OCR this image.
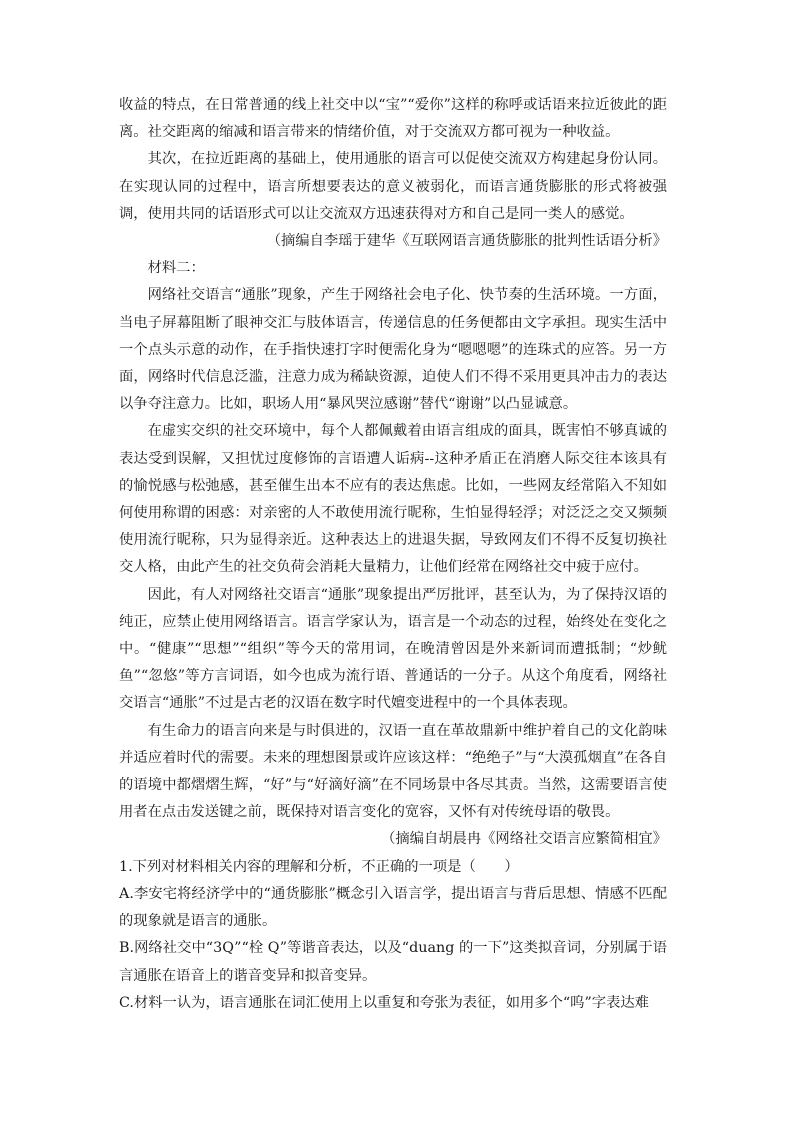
收益的特点，在日常普通的线上社交中以“宝”“爱你”这样的称呼或话语来拉近彼此的距离。社交距离的缩减和语言带来的情绪价值，对于交流双方都可视为一种收益。

其次，在拉近距离的基础上，使用通胀的语言可以促使交流双方构建起身份认同。在实现认同的过程中，语言所想要表达的意义被弱化，而语言通货膨胀的形式将被强调，使用共同的话语形式可以让交流双方迅速获得对方和自己是同一类人的感觉。

（摘编自李瑶于建华《互联网语言通货膨胀的批判性话语分析》

材料二：

网络社交语言“通胀”现象，产生于网络社会电子化、快节奏的生活环境。一方面，当电子屏幕阻断了眼神交汇与肢体语言，传递信息的任务便都由文字承担。现实生活中一个点头示意的动作，在手指快速打字时便需化身为“嗯嗯嗯”的连珠式的应答。另一方面，网络时代信息泛滥，注意力成为稀缺资源，迫使人们不得不采用更具冲击力的表达以争夺注意力。比如，职场人用“暴风哭泣感谢”替代“谢谢”以凸显诚意。

在虚实交织的社交环境中，每个人都佩戴着由语言组成的面具，既害怕不够真诚的表达受到误解，又担忧过度修饰的言语遭人诟病--这种矛盾正在消磨人际交往本该具有的愉悦感与松弛感，甚至催生出本不应有的表达焦虑。比如，一些网友经常陷入不知如何使用称谓的困惑：对亲密的人不敢使用流行昵称，生怕显得轻浮；对泛泛之交又频频使用流行昵称，只为显得亲近。这种表达上的进退失据，导致网友们不得不反复切换社交人格，由此产生的社交负荷会消耗大量精力，让他们经常在网络社交中疲于应付。

因此，有人对网络社交语言“通胀”现象提出严厉批评，甚至认为，为了保持汉语的纯正，应禁止使用网络语言。语言学家认为，语言是一个动态的过程，始终处在变化之中。“健康”“思想”“组织”等今天的常用词，在晚清曾因是外来新词而遭抵制；“炒鱿鱼”“忽悠”等方言词语，如今也成为流行语、普通话的一分子。从这个角度看，网络社交语言“通胀”不过是古老的汉语在数字时代嬗变进程中的一个具体表现。

有生命力的语言向来是与时俱进的，汉语一直在革故鼎新中维护着自己的文化韵味并适应着时代的需要。未来的理想图景或许应该这样：“绝绝子”与“大漠孤烟直”在各自的语境中都熠熠生辉，“好”与“好滴好滴”在不同场景中各尽其责。当然，这需要语言使用者在点击发送键之前，既保持对语言变化的宽容，又怀有对传统母语的敬畏。

（摘编自胡晨冉《网络社交语言应繁简相宜》

1.下列对材料相关内容的理解和分析，不正确的一项是（　　）

A.李安宅将经济学中的“通货膨胀”概念引入语言学，提出语言与背后思想、情感不匹配的现象就是语言的通胀。

B.网络社交中“3Q”“栓 Q”等谐音表达，以及“duang 的一下”这类拟音词，分别属于语言通胀在语音上的谐音变异和拟音变异。

C.材料一认为，语言通胀在词汇使用上以重复和夸张为表征，如用多个“呜”字表达难
